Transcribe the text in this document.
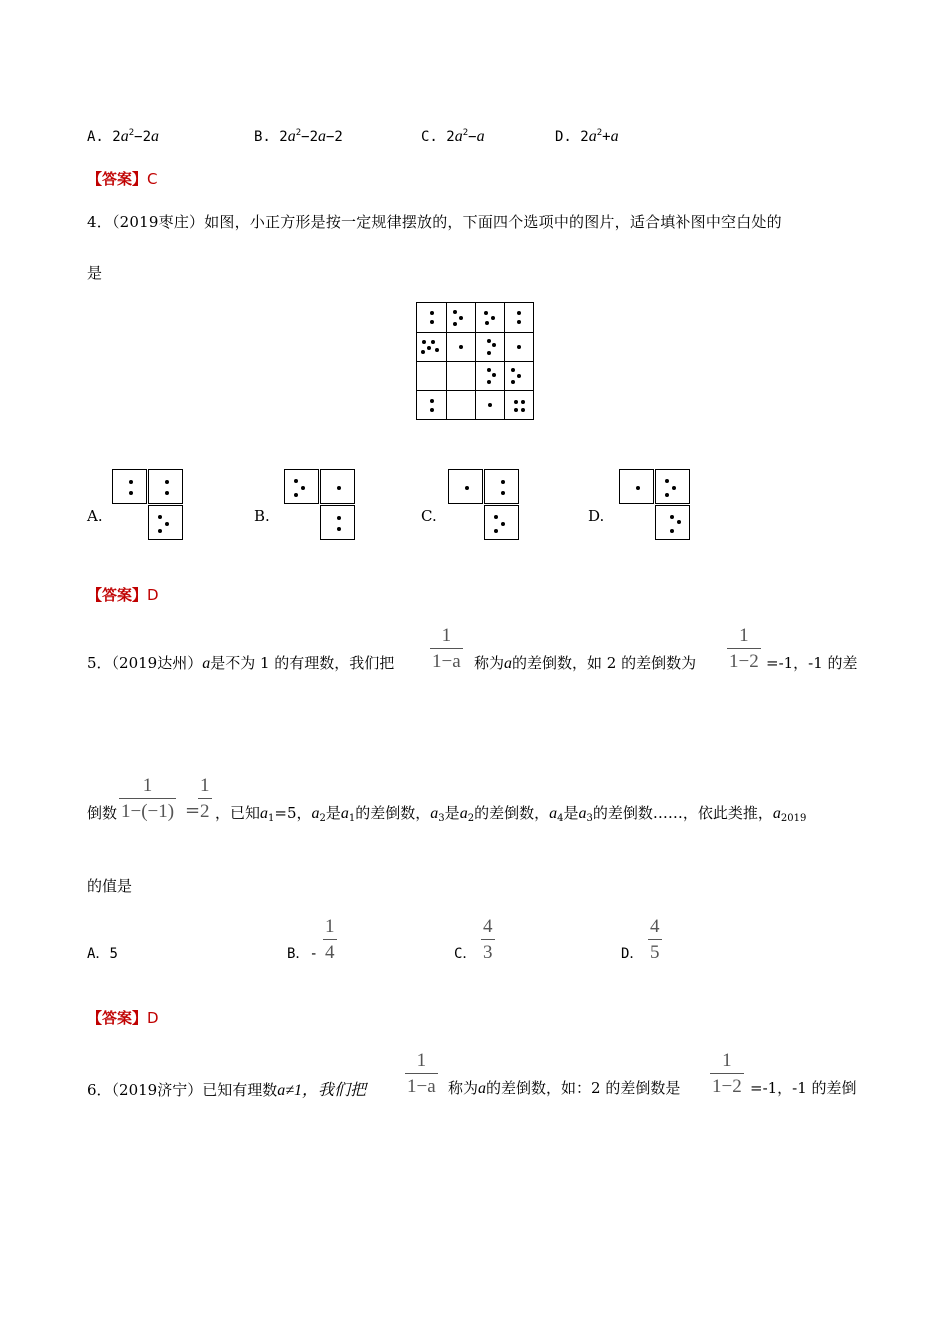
A. $2a^2-2a$	B. $2a^2-2a-2$	C. $2a^2-a$	D. $2a^2+a$
【答案】C
4．（2019枣庄）如图，小正方形是按一定规律摆放的，下面四个选项中的图片，适合填补图中空白处的
是
A.	B.	C.	D.
【答案】D
5．（2019达州）a是不为 1 的有理数，我们把
1
1−a 称为a的差倒数，如 2 的差倒数为
1
1−2 =-1，-1 的差
倒数
1
1−(−1) =
1
2 ，已知$a_1=5$，$a_2$是$a_1$的差倒数，$a_3$是$a_2$的差倒数，$a_4$是$a_3$的差倒数……，依此类推，$a_{2019}$
的值是
A．5	B．-
1
4	C．
4
3	D．
4
5
【答案】D
6．（2019济宁）已知有理数a≠1，我们把
1
1−a 称为a的差倒数，如：2 的差倒数是
1
1−2 =-1，-1 的差倒
